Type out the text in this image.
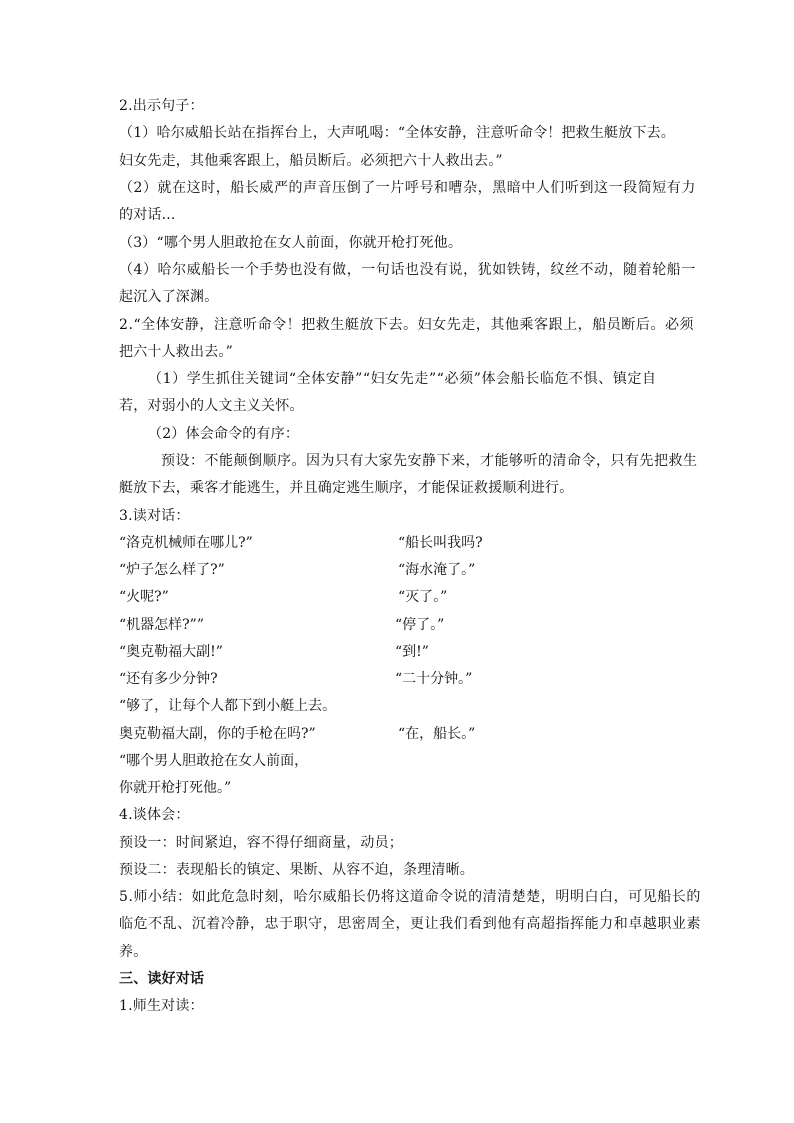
2.出示句子：
（1）哈尔威船长站在指挥台上，大声吼喝：“全体安静，注意听命令！把救生艇放下去。
妇女先走，其他乘客跟上，船员断后。必须把六十人救出去。”
（2）就在这时，船长威严的声音压倒了一片呼号和嘈杂，黑暗中人们听到这一段简短有力
的对话...
（3）“哪个男人胆敢抢在女人前面，你就开枪打死他。
（4）哈尔威船长一个手势也没有做，一句话也没有说，犹如铁铸，纹丝不动，随着轮船一
起沉入了深渊。
2.“全体安静，注意听命令！把救生艇放下去。妇女先走，其他乘客跟上，船员断后。必须
把六十人救出去。”
（1）学生抓住关键词“全体安静”“妇女先走”“必须”体会船长临危不惧、镇定自
若，对弱小的人文主义关怀。
（2）体会命令的有序：
预设：不能颠倒顺序。因为只有大家先安静下来，才能够听的清命令，只有先把救生
艇放下去，乘客才能逃生，并且确定逃生顺序，才能保证救援顺利进行。
3.读对话：
“洛克机械师在哪儿?”	“船长叫我吗?
“炉子怎么样了?”	“海水淹了。”
“火呢?”	“灭了。”
“机器怎样?””	“停了。”
“奥克勒福大副!”	“到!”
“还有多少分钟?	“二十分钟。”
“够了，让每个人都下到小艇上去。
奥克勒福大副，你的手枪在吗?”	“在，船长。”
“哪个男人胆敢抢在女人前面，
你就开枪打死他。”
4.谈体会：
预设一：时间紧迫，容不得仔细商量，动员；
预设二：表现船长的镇定、果断、从容不迫，条理清晰。
5.师小结：如此危急时刻，哈尔威船长仍将这道命令说的清清楚楚，明明白白，可见船长的
临危不乱、沉着冷静，忠于职守，思密周全，更让我们看到他有高超指挥能力和卓越职业素
养。
三、读好对话
1.师生对读：
